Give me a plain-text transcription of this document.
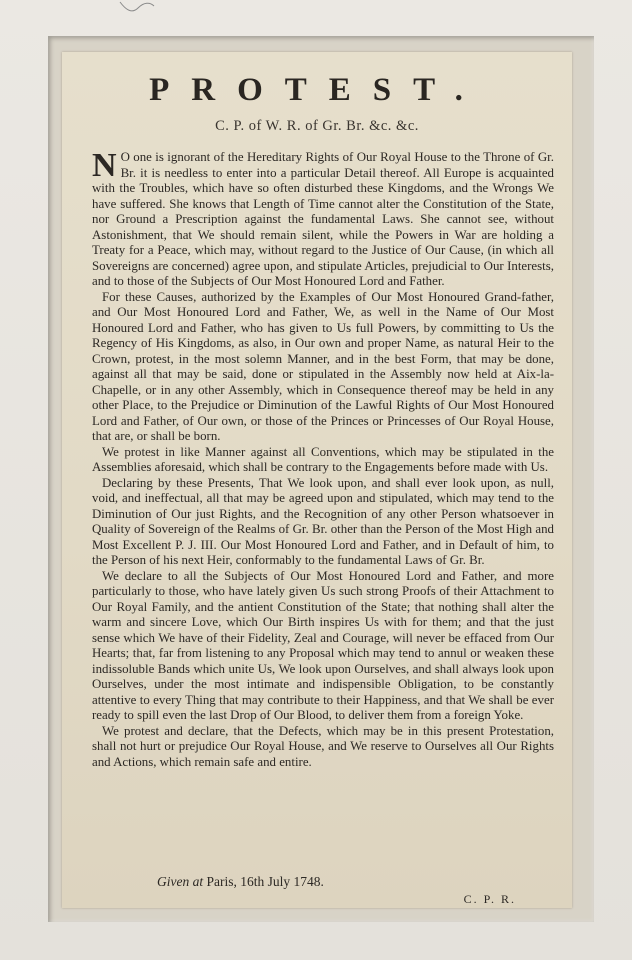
PROTEST.
C. P. of W. R. of Gr. Br. &c. &c.

N O one is ignorant of the Hereditary Rights of Our Royal House to the Throne of Gr. Br. it is needless to enter into a particular Detail thereof. All Europe is acquainted with the Troubles, which have so often disturbed these Kingdoms, and the Wrongs We have suffered. She knows that Length of Time cannot alter the Constitution of the State, nor Ground a Prescription against the fundamental Laws. She cannot see, without Astonishment, that We should remain silent, while the Powers in War are holding a Treaty for a Peace, which may, without regard to the Justice of Our Cause, (in which all Sovereigns are concerned) agree upon, and stipulate Articles, prejudicial to Our Interests, and to those of the Subjects of Our Most Honoured Lord and Father.

For these Causes, authorized by the Examples of Our Most Honoured Grand-father, and Our Most Honoured Lord and Father, We, as well in the Name of Our Most Honoured Lord and Father, who has given to Us full Powers, by committing to Us the Regency of His Kingdoms, as also, in Our own and proper Name, as natural Heir to the Crown, protest, in the most solemn Manner, and in the best Form, that may be done, against all that may be said, done or stipulated in the Assembly now held at Aix-la-Chapelle, or in any other Assembly, which in Consequence thereof may be held in any other Place, to the Prejudice or Diminution of the Lawful Rights of Our Most Honoured Lord and Father, of Our own, or those of the Princes or Princesses of Our Royal House, that are, or shall be born.

We protest in like Manner against all Conventions, which may be stipulated in the Assemblies aforesaid, which shall be contrary to the Engagements before made with Us.

Declaring by these Presents, That We look upon, and shall ever look upon, as null, void, and ineffectual, all that may be agreed upon and stipulated, which may tend to the Diminution of Our just Rights, and the Recognition of any other Person whatsoever in Quality of Sovereign of the Realms of Gr. Br. other than the Person of the Most High and Most Excellent P. J. III. Our Most Honoured Lord and Father, and in Default of him, to the Person of his next Heir, conformably to the fundamental Laws of Gr. Br.

We declare to all the Subjects of Our Most Honoured Lord and Father, and more particularly to those, who have lately given Us such strong Proofs of their Attachment to Our Royal Family, and the antient Constitution of the State; that nothing shall alter the warm and sincere Love, which Our Birth inspires Us with for them; and that the just sense which We have of their Fidelity, Zeal and Courage, will never be effaced from Our Hearts; that, far from listening to any Proposal which may tend to annul or weaken these indissoluble Bands which unite Us, We look upon Ourselves, and shall always look upon Ourselves, under the most intimate and indispensible Obligation, to be constantly attentive to every Thing that may contribute to their Happiness, and that We shall be ever ready to spill even the last Drop of Our Blood, to deliver them from a foreign Yoke.

We protest and declare, that the Defects, which may be in this present Protestation, shall not hurt or prejudice Our Royal House, and We reserve to Ourselves all Our Rights and Actions, which remain safe and entire.

Given at Paris, 16th July 1748.
C. P. R.
